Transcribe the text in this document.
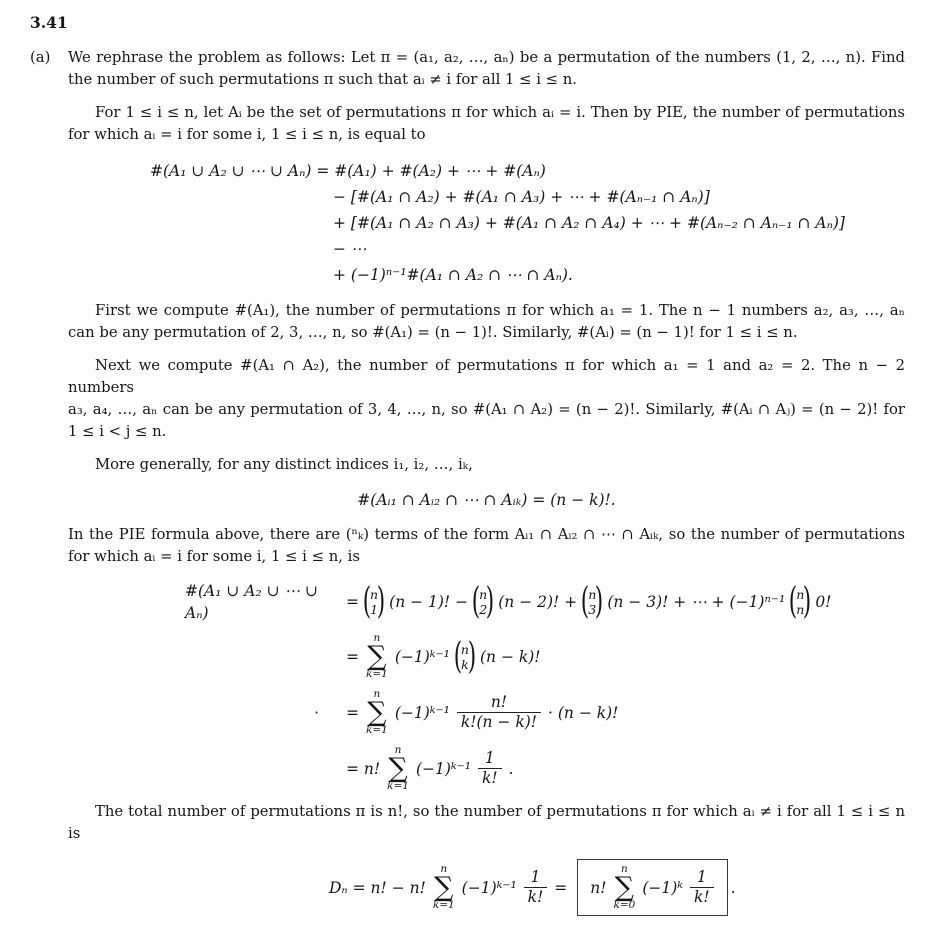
3.41
(a)	We rephrase the problem as follows: Let π = (a₁, a₂, …, aₙ) be a permutation of the numbers (1, 2, …, n). Find
the number of such permutations π such that aᵢ ≠ i for all 1 ≤ i ≤ n.
For 1 ≤ i ≤ n, let Aᵢ be the set of permutations π for which aᵢ = i. Then by PIE, the number of permutations
for which aᵢ = i for some i, 1 ≤ i ≤ n, is equal to
#(A₁ ∪ A₂ ∪ ⋯ ∪ Aₙ) = #(A₁) + #(A₂) + ⋯ + #(Aₙ)
− [#(A₁ ∩ A₂) + #(A₁ ∩ A₃) + ⋯ + #(Aₙ₋₁ ∩ Aₙ)]
+ [#(A₁ ∩ A₂ ∩ A₃) + #(A₁ ∩ A₂ ∩ A₄) + ⋯ + #(Aₙ₋₂ ∩ Aₙ₋₁ ∩ Aₙ)]
− ⋯
+ (−1)ⁿ⁻¹#(A₁ ∩ A₂ ∩ ⋯ ∩ Aₙ).
First we compute #(A₁), the number of permutations π for which a₁ = 1. The n − 1 numbers a₂, a₃, …, aₙ
can be any permutation of 2, 3, …, n, so #(A₁) = (n − 1)!. Similarly, #(Aᵢ) = (n − 1)! for 1 ≤ i ≤ n.
Next we compute #(A₁ ∩ A₂), the number of permutations π for which a₁ = 1 and a₂ = 2. The n − 2 numbers
a₃, a₄, …, aₙ can be any permutation of 3, 4, …, n, so #(A₁ ∩ A₂) = (n − 2)!. Similarly, #(Aᵢ ∩ Aⱼ) = (n − 2)! for
1 ≤ i < j ≤ n.
More generally, for any distinct indices i₁, i₂, …, iₖ,
#(Aᵢ₁ ∩ Aᵢ₂ ∩ ⋯ ∩ Aᵢₖ) = (n − k)!.
In the PIE formula above, there are (ⁿₖ) terms of the form Aᵢ₁ ∩ Aᵢ₂ ∩ ⋯ ∩ Aᵢₖ, so the number of permutations
for which aᵢ = i for some i, 1 ≤ i ≤ n, is
#(A₁ ∪ A₂ ∪ ⋯ ∪ Aₙ)
= (
n
1
) (n − 1)! − (
n
2
) (n − 2)! + (
n
3
) (n − 3)! + ⋯ + (−1)ⁿ⁻¹ (
n
n
) 0!
=
n
∑
k=1
(−1)ᵏ⁻¹ (
n
k ) (n − k)!
·	=
n
∑
k=1
(−1)ᵏ⁻¹ $\frac{n!}{k!(n - k)!} \cdot (n - k)$!
= n!
n
∑
k=1
(−1)ᵏ⁻¹ $\frac{1}{k!}$ .
The total number of permutations π is n!, so the number of permutations π for which aᵢ ≠ i for all 1 ≤ i ≤ n
is
Dₙ = n! − n!
n
∑
k=1
(−1)ᵏ⁻¹ $\frac{1}{k!} = n$!
n
∑
k=0
(−1)ᵏ $\frac{1}{k!}$ .
